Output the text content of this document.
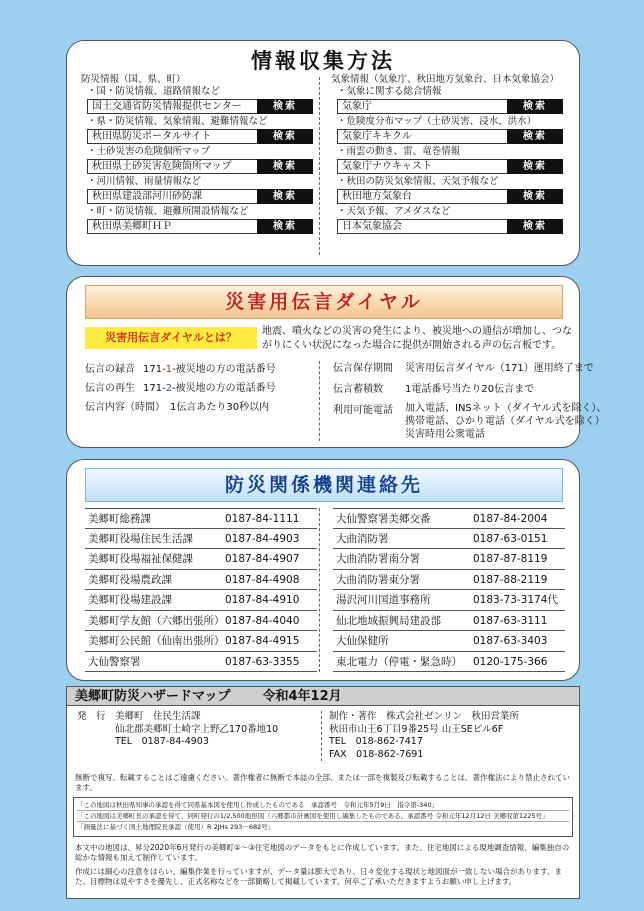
情報収集方法
防災情報（国、県、町）
・国・防災情報、道路情報など
国土交通省防災情報提供センター	検索
・県・防災情報、気象情報、避難情報など
秋田県防災ポータルサイト	検索
・土砂災害の危険個所マップ
秋田県土砂災害危険箇所マップ	検索
・河川情報、雨量情報など
秋田県建設部河川砂防課	検索
・町・防災情報、避難所開設情報など
秋田県美郷町ＨＰ	検索
気象情報（気象庁、秋田地方気象台、日本気象協会）
・気象に関する総合情報
気象庁	検索
・危険度分布マップ（土砂災害、浸水、洪水）
気象庁キキクル	検索
・雨雲の動き、雷、竜巻情報
気象庁ナウキャスト	検索
・秋田の防災気象情報、天気予報など
秋田地方気象台	検索
・天気予報、アメダスなど
日本気象協会	検索
災害用伝言ダイヤル
災害用伝言ダイヤルとは？	地震、噴火などの災害の発生により、被災地への通信が増加し、つながりにくい状況になった場合に提供が開始される声の伝言板です。
伝言の録音　 171-1-被災地の方の電話番号
伝言の再生　 171-2-被災地の方の電話番号
伝言内容（時間）　 1伝言あたり30秒以内
伝言保存期間 災害用伝言ダイヤル（171）運用終了まで
伝言蓄積数 1電話番号当たり20伝言まで
利用可能電話 加入電話、INSネット（ダイヤル式を除く）、
携帯電話、ひかり電話（ダイヤル式を除く）
災害時用公衆電話
防災関係機関連絡先
美郷町総務課	0187-84-1111
美郷町役場住民生活課	0187-84-4903
美郷町役場福祉保健課	0187-84-4907
美郷町役場農政課	0187-84-4908
美郷町役場建設課	0187-84-4910
美郷町学友館（六郷出張所） 0187-84-4040
美郷町公民館（仙南出張所） 0187-84-4915
大仙警察署	0187-63-3355
大仙警察署美郷交番	0187-84-2004
大曲消防署	0187-63-0151
大曲消防署南分署	0187-87-8119
大曲消防署東分署	0187-88-2119
湯沢河川国道事務所	0183-73-3174代
仙北地域振興局建設部	0187-63-3111
大仙保健所	0187-63-3403
東北電力（停電・緊急時） 0120-175-366
美郷町防災ハザードマップ 令和4年12月
発　行　美郷町　住民生活課
　　　　仙北郡美郷町土崎字上野乙170番地10
　　　　TEL　0187-84-4903
制作・著作　株式会社ゼンリン　秋田営業所
秋田市山王6丁目9番25号 山王SEビル6F
TEL　018-862-7417
FAX　018-862-7691
無断で複写、転載することはご遠慮ください。著作権者に無断で本誌の全部、または一部を複製及び転載することは、著作権法により禁止されています。
「この地図は秋田県知事の承認を得て同県基本図を使用し作成したものである　承認番号　令和元年5月9日　指令第-340」
「この地図は美郷町長の承認を得て、同町発行の1/2,500地形図（六郷都市計画図を使用し編集したものである。承認番号 令和元年12月12日 美郷収第1225号」
「測量法に基づく国土地理院長承認（使用）R 2JHs 293－682号」
本文中の地図は、昇分2020年6月発行の美郷町①～③住宅地図のデータをもとに作成しています。また、住宅地図による現地調査情報、編集独自の総かな情報も加えて制作しています。
作成には細心の注意をはらい、編集作業を行っていますが、データ量は膨大であり、日々変化する現状と地図面が一致しない場合があります。また、目標物は見やすさを優先し、正式名称などを一部簡略して掲載しています。何卒ご了承いただきますようお願い申し上げます。
